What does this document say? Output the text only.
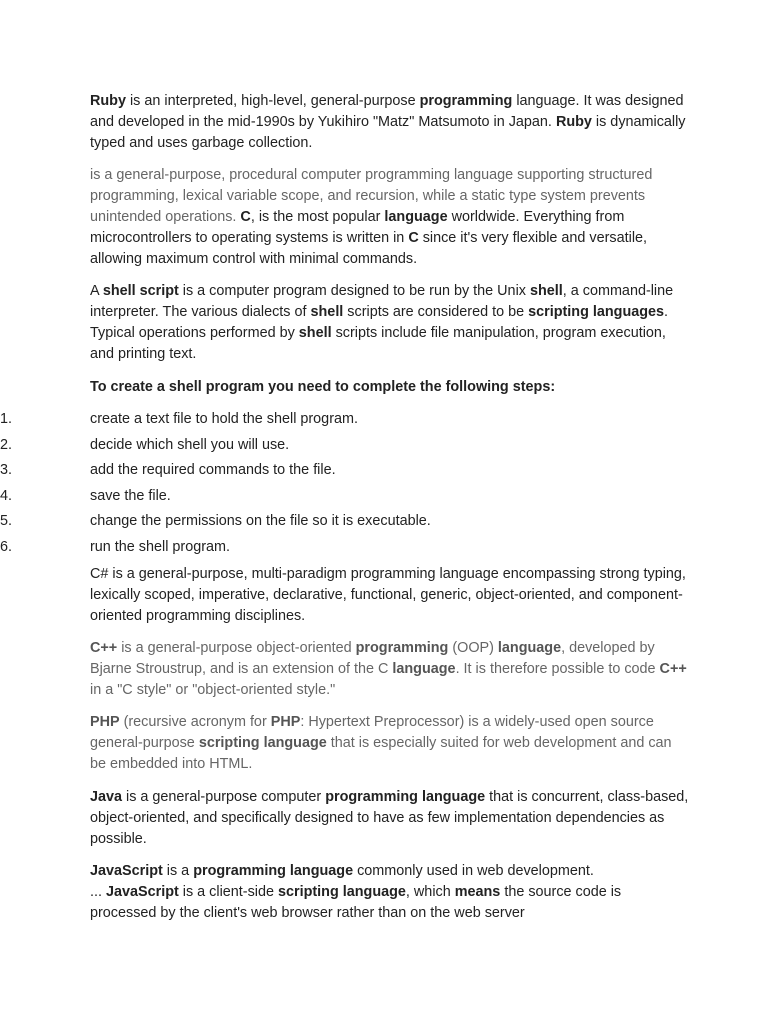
Ruby is an interpreted, high-level, general-purpose programming language. It was designed and developed in the mid-1990s by Yukihiro "Matz" Matsumoto in Japan. Ruby is dynamically typed and uses garbage collection.

is a general-purpose, procedural computer programming language supporting structured programming, lexical variable scope, and recursion, while a static type system prevents unintended operations. C, is the most popular language worldwide. Everything from microcontrollers to operating systems is written in C since it's very flexible and versatile, allowing maximum control with minimal commands.

A shell script is a computer program designed to be run by the Unix shell, a command-line interpreter. The various dialects of shell scripts are considered to be scripting languages. Typical operations performed by shell scripts include file manipulation, program execution, and printing text.

To create a shell program you need to complete the following steps:

1.	create a text file to hold the shell program.
2.	decide which shell you will use.
3.	add the required commands to the file.
4.	save the file.
5.	change the permissions on the file so it is executable.
6.	run the shell program.

C# is a general-purpose, multi-paradigm programming language encompassing strong typing, lexically scoped, imperative, declarative, functional, generic, object-oriented, and component-oriented programming disciplines.

C++ is a general-purpose object-oriented programming (OOP) language, developed by Bjarne Stroustrup, and is an extension of the C language. It is therefore possible to code C++ in a "C style" or "object-oriented style."

PHP (recursive acronym for PHP: Hypertext Preprocessor) is a widely-used open source general-purpose scripting language that is especially suited for web development and can be embedded into HTML.

Java is a general-purpose computer programming language that is concurrent, class-based, object-oriented, and specifically designed to have as few implementation dependencies as possible.

JavaScript is a programming language commonly used in web development.
... JavaScript is a client-side scripting language, which means the source code is processed by the client's web browser rather than on the web server
